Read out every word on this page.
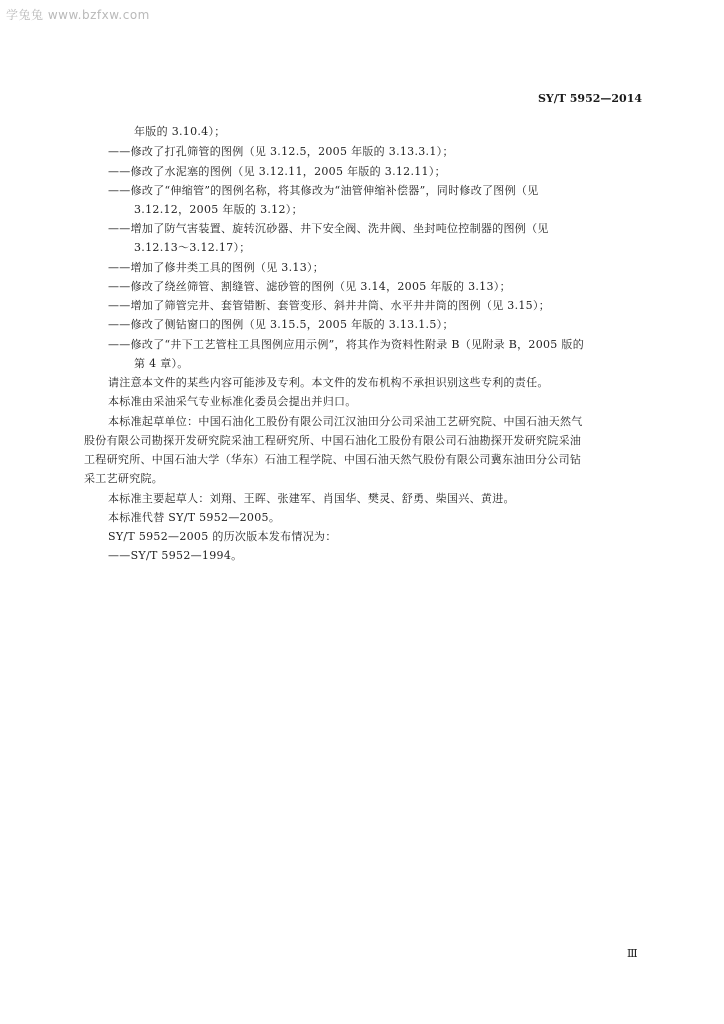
学兔兔 www.bzfxw.com
SY/T 5952—2014
年版的 3.10.4）；
——修改了打孔筛管的图例（见 3.12.5，2005 年版的 3.13.3.1）；
——修改了水泥塞的图例（见 3.12.11，2005 年版的 3.12.11）；
——修改了“伸缩管”的图例名称，将其修改为“油管伸缩补偿器”，同时修改了图例（见
3.12.12，2005 年版的 3.12）；
——增加了防气害装置、旋转沉砂器、井下安全阀、洗井阀、坐封吨位控制器的图例（见
3.12.13～3.12.17）；
——增加了修井类工具的图例（见 3.13）；
——修改了绕丝筛管、割缝管、滤砂管的图例（见 3.14，2005 年版的 3.13）；
——增加了筛管完井、套管错断、套管变形、斜井井筒、水平井井筒的图例（见 3.15）；
——修改了侧钻窗口的图例（见 3.15.5，2005 年版的 3.13.1.5）；
——修改了“井下工艺管柱工具图例应用示例”，将其作为资料性附录 B（见附录 B，2005 版的
第 4 章）。
请注意本文件的某些内容可能涉及专利。本文件的发布机构不承担识别这些专利的责任。
本标准由采油采气专业标准化委员会提出并归口。
本标准起草单位：中国石油化工股份有限公司江汉油田分公司采油工艺研究院、中国石油天然气
股份有限公司勘探开发研究院采油工程研究所、中国石油化工股份有限公司石油勘探开发研究院采油
工程研究所、中国石油大学（华东）石油工程学院、中国石油天然气股份有限公司冀东油田分公司钻
采工艺研究院。
本标准主要起草人：刘翔、王晖、张建军、肖国华、樊灵、舒勇、柴国兴、黄进。
本标准代替 SY/T 5952—2005。
SY/T 5952—2005 的历次版本发布情况为：
——SY/T 5952—1994。
Ⅲ
